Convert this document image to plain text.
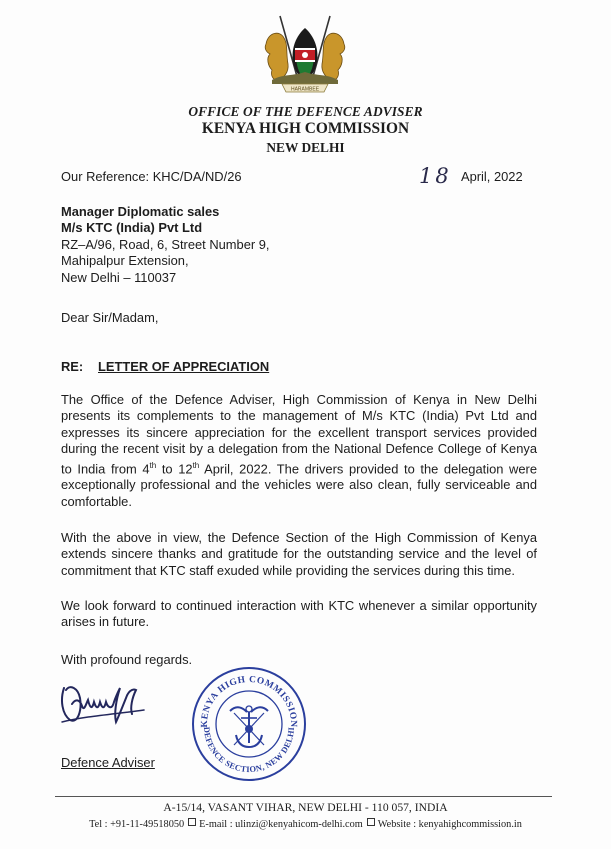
HARAMBEE
OFFICE OF THE DEFENCE ADVISER
KENYA HIGH COMMISSION
NEW DELHI
Our Reference: KHC/DA/ND/26	18 April, 2022
Manager Diplomatic sales
M/s KTC (India) Pvt Ltd
RZ–A/96, Road, 6, Street Number 9,
Mahipalpur Extension,
New Delhi – 110037
Dear Sir/Madam,
RE: LETTER OF APPRECIATION
The Office of the Defence Adviser, High Commission of Kenya in New Delhi presents its complements to the management of M/s KTC (India) Pvt Ltd and expresses its sincere appreciation for the excellent transport services provided during the recent visit by a delegation from the National Defence College of Kenya to India from 4th to 12th April, 2022. The drivers provided to the delegation were exceptionally professional and the vehicles were also clean, fully serviceable and comfortable.
With the above in view, the Defence Section of the High Commission of Kenya extends sincere thanks and gratitude for the outstanding service and the level of commitment that KTC staff exuded while providing the services during this time.
We look forward to continued interaction with KTC whenever a similar opportunity arises in future.
With profound regards.
Defence Adviser
KENYA HIGH COMMISSION
DEFENCE SECTION, NEW DELHI
A-15/14, VASANT VIHAR, NEW DELHI - 110 057, INDIA
Tel : +91-11-49518050 E-mail : ulinzi@kenyahicom-delhi.com Website : kenyahighcommission.in
